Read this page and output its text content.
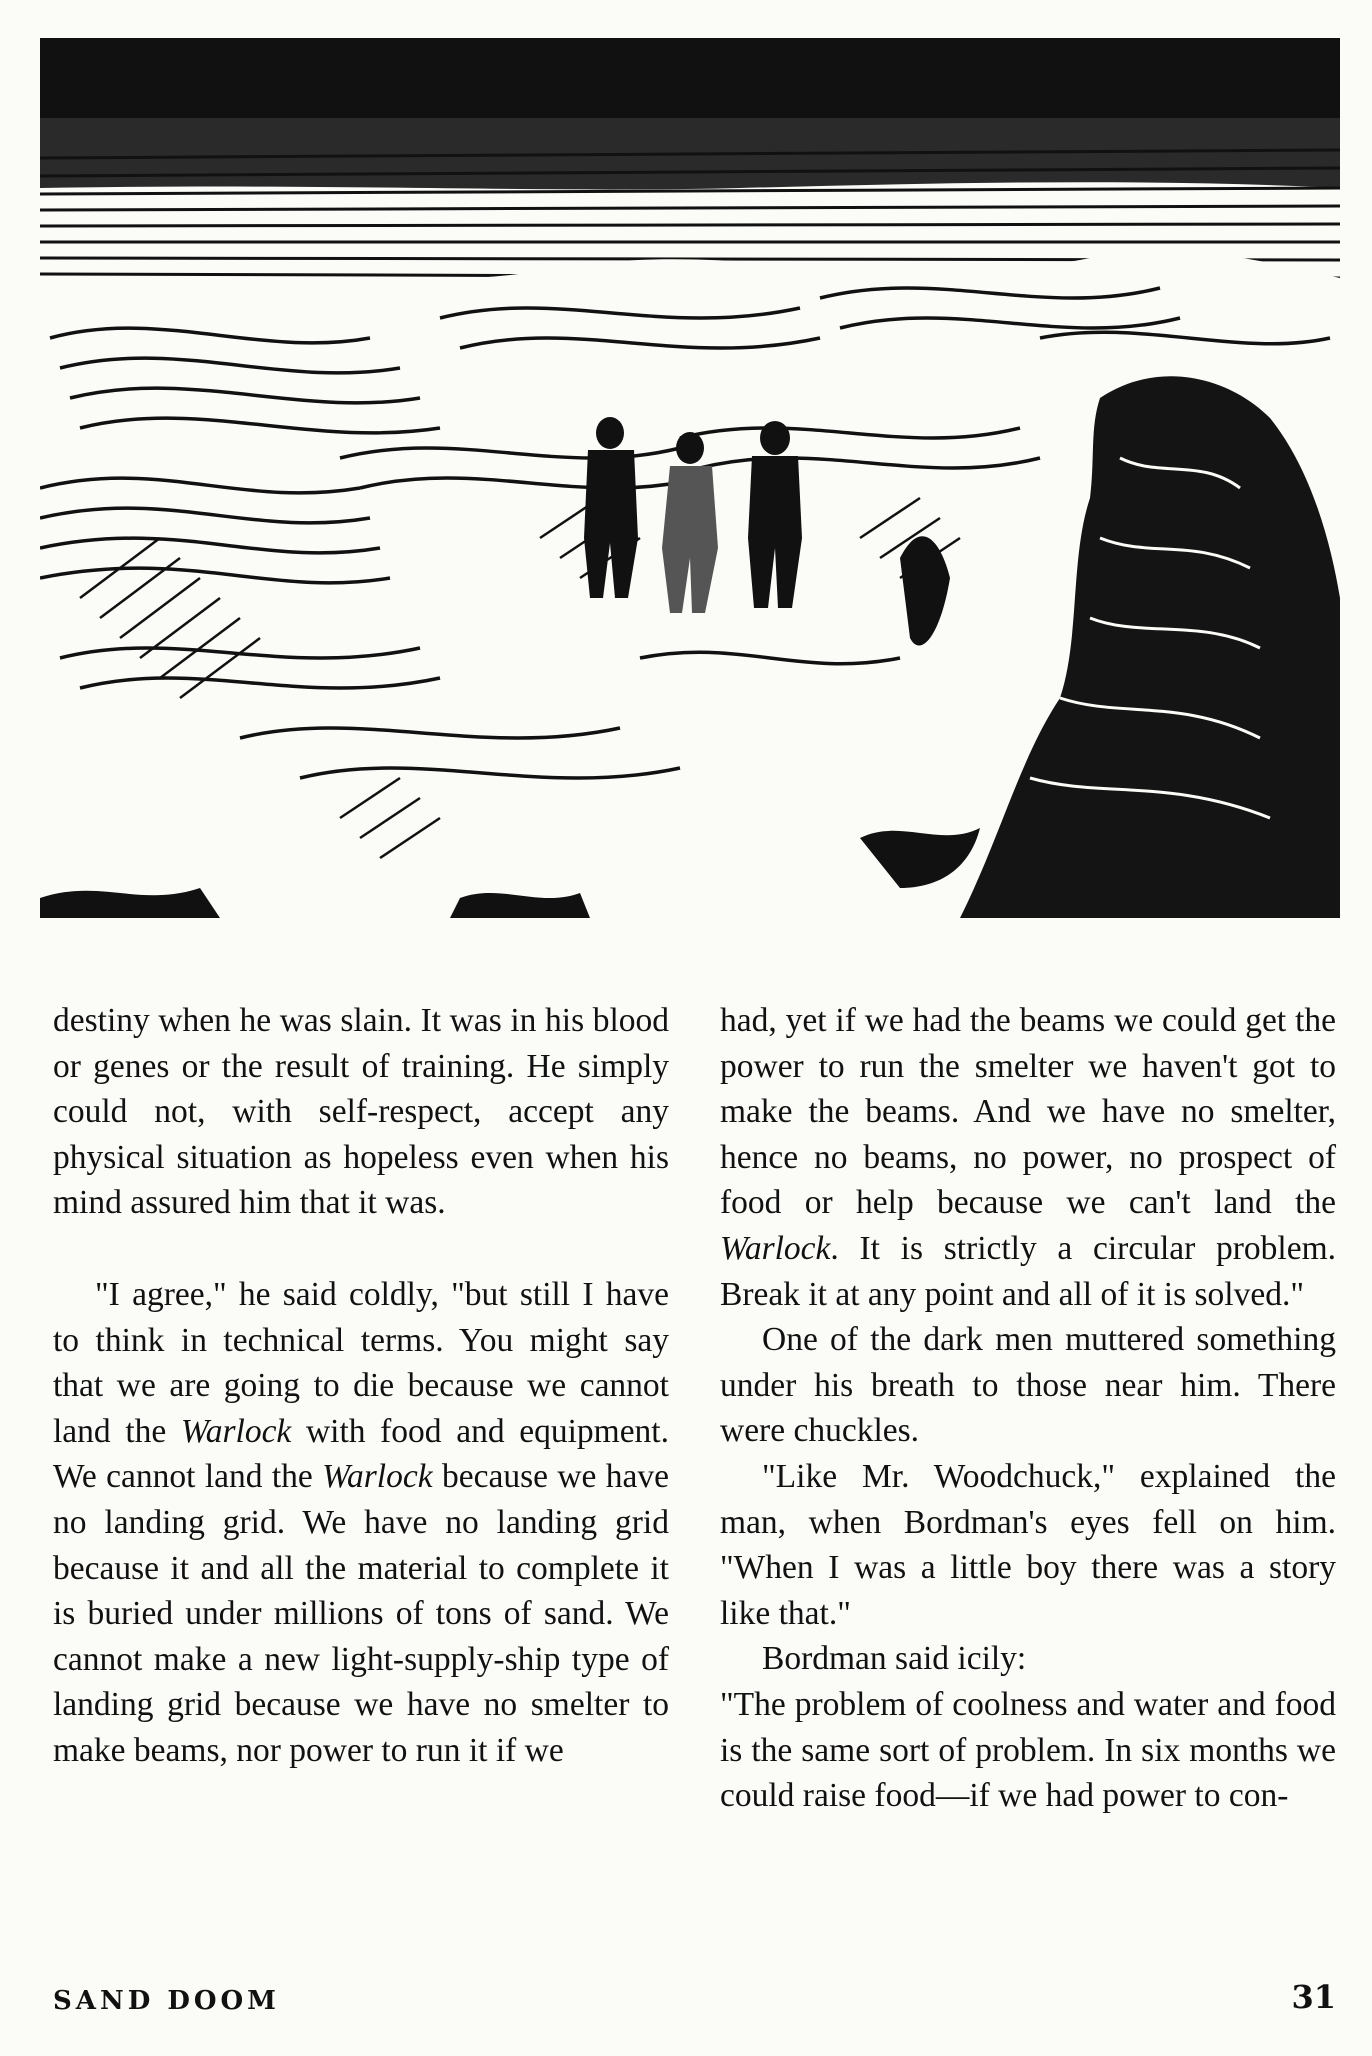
destiny when he was slain. It was in his blood or genes or the result of training. He simply could not, with self-respect, accept any physical situation as hopeless even when his mind assured him that it was.

"I agree," he said coldly, "but still I have to think in technical terms. You might say that we are going to die because we cannot land the Warlock with food and equipment. We cannot land the Warlock because we have no landing grid. We have no landing grid because it and all the material to complete it is buried under millions of tons of sand. We cannot make a new light-supply-ship type of landing grid because we have no smelter to make beams, nor power to run it if we

had, yet if we had the beams we could get the power to run the smelter we haven't got to make the beams. And we have no smelter, hence no beams, no power, no prospect of food or help because we can't land the Warlock. It is strictly a circular problem. Break it at any point and all of it is solved."

One of the dark men muttered something under his breath to those near him. There were chuckles.

"Like Mr. Woodchuck," explained the man, when Bordman's eyes fell on him. "When I was a little boy there was a story like that."

Bordman said icily:

"The problem of coolness and water and food is the same sort of problem. In six months we could raise food—if we had power to con-

SAND DOOM	31
